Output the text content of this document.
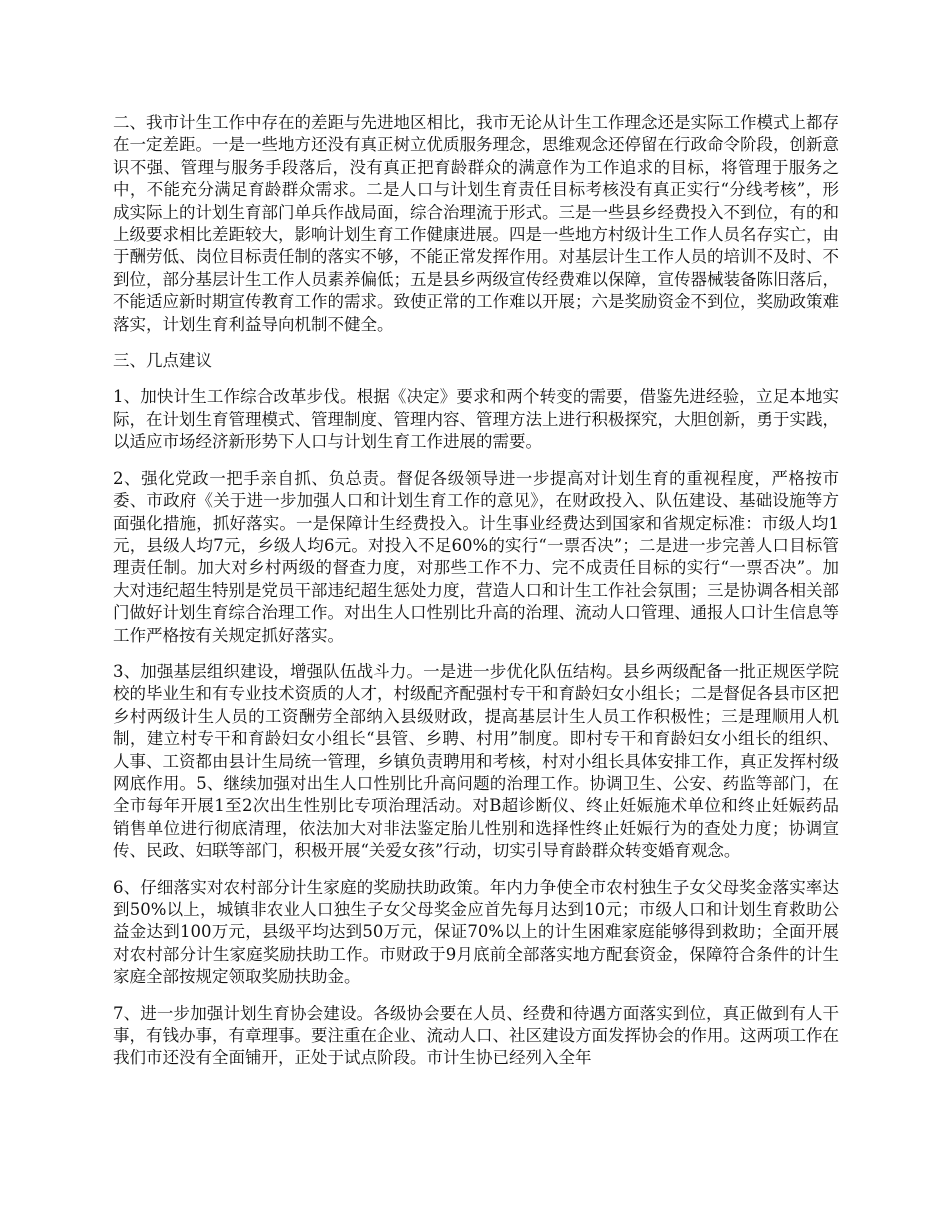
二、我市计生工作中存在的差距与先进地区相比，我市无论从计生工作理念还是实际工作模式上都存在一定差距。一是一些地方还没有真正树立优质服务理念，思维观念还停留在行政命令阶段，创新意识不强、管理与服务手段落后，没有真正把育龄群众的满意作为工作追求的目标，将管理于服务之中，不能充分满足育龄群众需求。二是人口与计划生育责任目标考核没有真正实行“分线考核”，形成实际上的计划生育部门单兵作战局面，综合治理流于形式。三是一些县乡经费投入不到位，有的和上级要求相比差距较大，影响计划生育工作健康进展。四是一些地方村级计生工作人员名存实亡，由于酬劳低、岗位目标责任制的落实不够，不能正常发挥作用。对基层计生工作人员的培训不及时、不到位，部分基层计生工作人员素养偏低；五是县乡两级宣传经费难以保障，宣传器械装备陈旧落后，不能适应新时期宣传教育工作的需求。致使正常的工作难以开展；六是奖励资金不到位，奖励政策难落实，计划生育利益导向机制不健全。

三、几点建议

1、加快计生工作综合改革步伐。根据《决定》要求和两个转变的需要，借鉴先进经验，立足本地实际，在计划生育管理模式、管理制度、管理内容、管理方法上进行积极探究，大胆创新，勇于实践，以适应市场经济新形势下人口与计划生育工作进展的需要。

2、强化党政一把手亲自抓、负总责。督促各级领导进一步提高对计划生育的重视程度，严格按市委、市政府《关于进一步加强人口和计划生育工作的意见》，在财政投入、队伍建设、基础设施等方面强化措施，抓好落实。一是保障计生经费投入。计生事业经费达到国家和省规定标准：市级人均1元，县级人均7元，乡级人均6元。对投入不足60%的实行“一票否决”；二是进一步完善人口目标管理责任制。加大对乡村两级的督查力度，对那些工作不力、完不成责任目标的实行“一票否决”。加大对违纪超生特别是党员干部违纪超生惩处力度，营造人口和计生工作社会氛围；三是协调各相关部门做好计划生育综合治理工作。对出生人口性别比升高的治理、流动人口管理、通报人口计生信息等工作严格按有关规定抓好落实。

3、加强基层组织建设，增强队伍战斗力。一是进一步优化队伍结构。县乡两级配备一批正规医学院校的毕业生和有专业技术资质的人才，村级配齐配强村专干和育龄妇女小组长；二是督促各县市区把乡村两级计生人员的工资酬劳全部纳入县级财政，提高基层计生人员工作积极性；三是理顺用人机制，建立村专干和育龄妇女小组长“县管、乡聘、村用”制度。即村专干和育龄妇女小组长的组织、人事、工资都由县计生局统一管理，乡镇负责聘用和考核，村对小组长具体安排工作，真正发挥村级网底作用。5、继续加强对出生人口性别比升高问题的治理工作。协调卫生、公安、药监等部门，在全市每年开展1至2次出生性别比专项治理活动。对B超诊断仪、终止妊娠施术单位和终止妊娠药品销售单位进行彻底清理，依法加大对非法鉴定胎儿性别和选择性终止妊娠行为的查处力度；协调宣传、民政、妇联等部门，积极开展“关爱女孩”行动，切实引导育龄群众转变婚育观念。

6、仔细落实对农村部分计生家庭的奖励扶助政策。年内力争使全市农村独生子女父母奖金落实率达到50%以上，城镇非农业人口独生子女父母奖金应首先每月达到10元；市级人口和计划生育救助公益金达到100万元，县级平均达到50万元，保证70%以上的计生困难家庭能够得到救助；全面开展对农村部分计生家庭奖励扶助工作。市财政于9月底前全部落实地方配套资金，保障符合条件的计生家庭全部按规定领取奖励扶助金。

7、进一步加强计划生育协会建设。各级协会要在人员、经费和待遇方面落实到位，真正做到有人干事，有钱办事，有章理事。要注重在企业、流动人口、社区建设方面发挥协会的作用。这两项工作在我们市还没有全面铺开，正处于试点阶段。市计生协已经列入全年
